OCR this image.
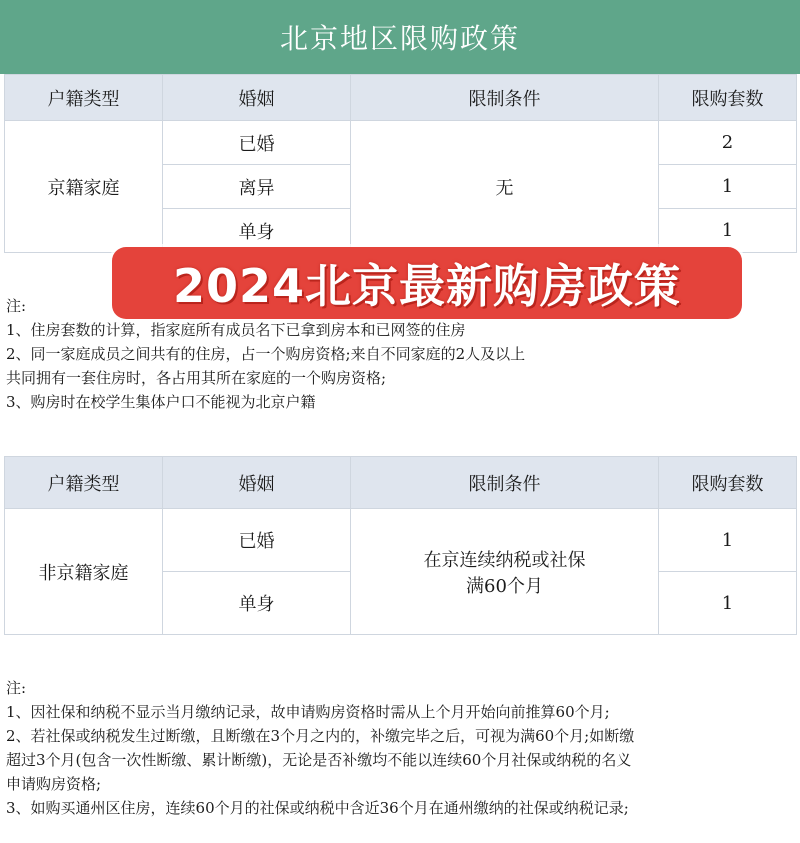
北京地区限购政策
户籍类型	婚姻	限制条件	限购套数
京籍家庭	已婚	无	2
	离异		1
	单身		1

注:

1、住房套数的计算，指家庭所有成员名下已拿到房本和已网签的住房

2、同一家庭成员之间共有的住房，占一个购房资格;来自不同家庭的2人及以上

共同拥有一套住房时，各占用其所在家庭的一个购房资格;

3、购房时在校学生集体户口不能视为北京户籍

2024北京最新购房政策
户籍类型	婚姻	限制条件	限购套数
非京籍家庭	已婚	在京连续纳税或社保
满60个月	1
	单身		1

注:

1、因社保和纳税不显示当月缴纳记录，故申请购房资格时需从上个月开始向前推算60个月;

2、若社保或纳税发生过断缴，且断缴在3个月之内的，补缴完毕之后，可视为满60个月;如断缴

超过3个月(包含一次性断缴、累计断缴)，无论是否补缴均不能以连续60个月社保或纳税的名义

申请购房资格;

3、如购买通州区住房，连续60个月的社保或纳税中含近36个月在通州缴纳的社保或纳税记录;
